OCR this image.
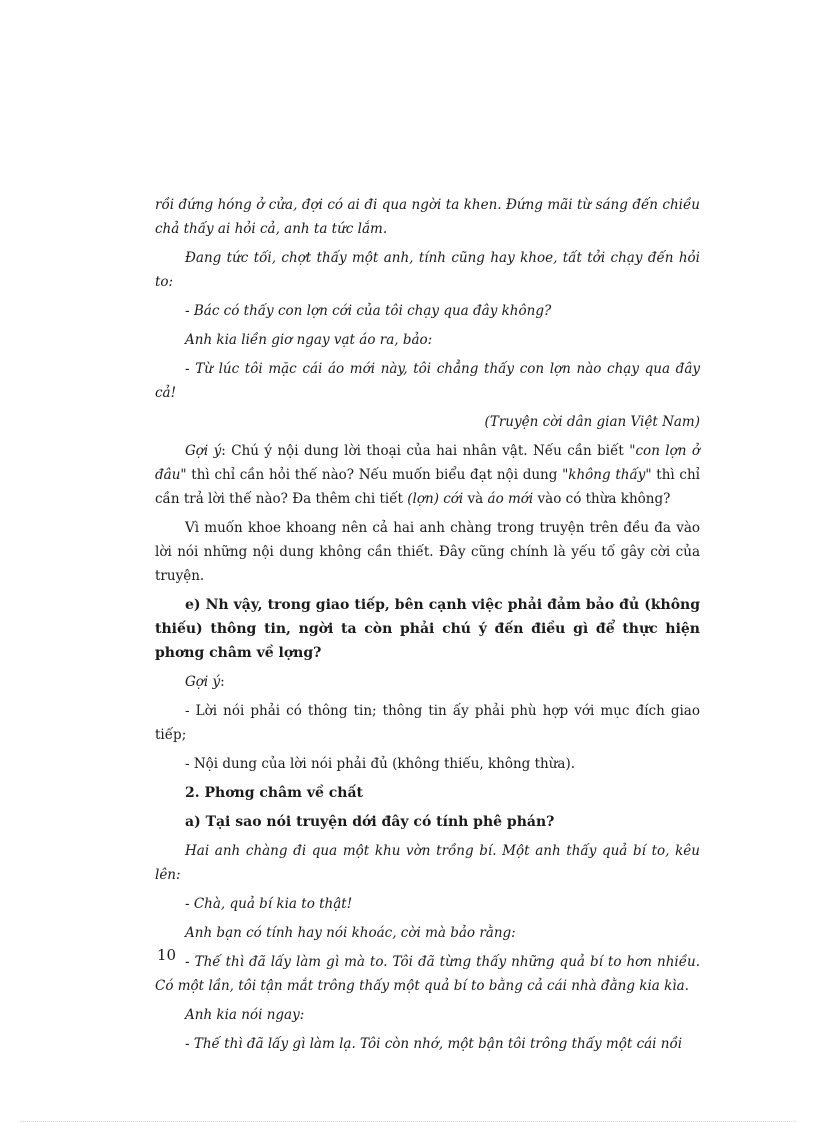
rồi đứng hóng ở cửa, đợi có ai đi qua ngời ta khen. Đứng mãi từ sáng đến chiều chả thấy ai hỏi cả, anh ta tức lắm.

Đang tức tối, chợt thấy một anh, tính cũng hay khoe, tất tởi chạy đến hỏi to:

- Bác có thấy con lợn cới của tôi chạy qua đây không?

Anh kia liền giơ ngay vạt áo ra, bảo:

- Từ lúc tôi mặc cái áo mới này, tôi chẳng thấy con lợn nào chạy qua đây cả!

(Truyện cời dân gian Việt Nam)

Gợi ý: Chú ý nội dung lời thoại của hai nhân vật. Nếu cần biết "con lợn ở đâu" thì chỉ cần hỏi thế nào? Nếu muốn biểu đạt nội dung "không thấy" thì chỉ cần trả lời thế nào? Đa thêm chi tiết (lợn) cới và áo mới vào có thừa không?

Vì muốn khoe khoang nên cả hai anh chàng trong truyện trên đều đa vào lời nói những nội dung không cần thiết. Đây cũng chính là yếu tố gây cời của truyện.

e) Nh vậy, trong giao tiếp, bên cạnh việc phải đảm bảo đủ (không thiếu) thông tin, ngời ta còn phải chú ý đến điều gì để thực hiện phơng châm về lợng?

Gợi ý:

- Lời nói phải có thông tin; thông tin ấy phải phù hợp với mục đích giao tiếp;

- Nội dung của lời nói phải đủ (không thiếu, không thừa).

2. Phơng châm về chất

a) Tại sao nói truyện dới đây có tính phê phán?

Hai anh chàng đi qua một khu vờn trồng bí. Một anh thấy quả bí to, kêu lên:

- Chà, quả bí kia to thật!

Anh bạn có tính hay nói khoác, cời mà bảo rằng:

- Thế thì đã lấy làm gì mà to. Tôi đã từng thấy những quả bí to hơn nhiều. Có một lần, tôi tận mắt trông thấy một quả bí to bằng cả cái nhà đằng kia kìa.

Anh kia nói ngay:

- Thế thì đã lấy gì làm lạ. Tôi còn nhớ, một bận tôi trông thấy một cái nồi

10
